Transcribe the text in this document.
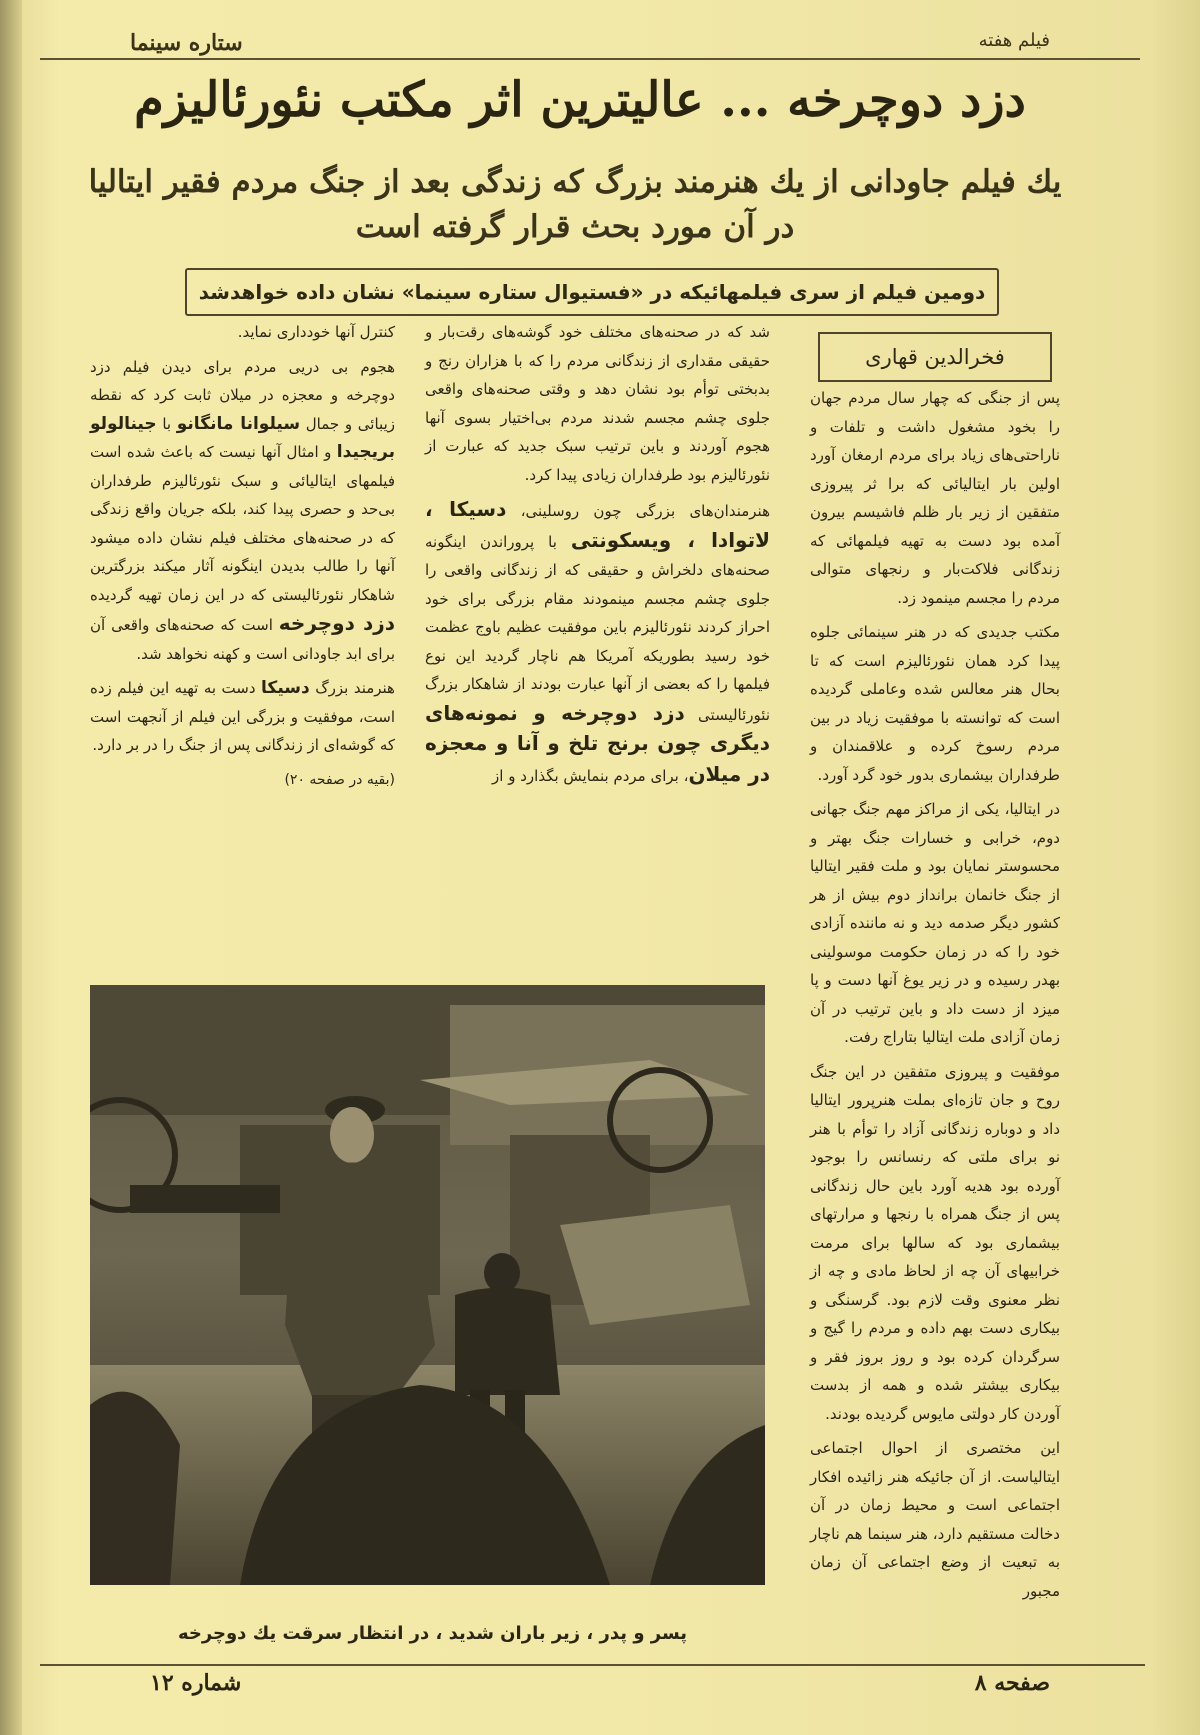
ستاره سینما	فیلم هفته
دزد دوچرخه ... عالیترین اثر مکتب نئورئالیزم
یك فیلم جاودانی از یك هنرمند بزرگ که زندگی بعد از جنگ مردم فقیر ایتالیا در آن مورد بحث قرار گرفته است
دومین فیلم از سری فیلمهائیکه در «فستیوال ستاره سینما» نشان داده خواهدشد
فخرالدین قهاری

پس از جنگی که چهار سال مردم جهان را بخود مشغول داشت و تلفات و ناراحتی‌های زیاد برای مردم ارمغان آورد اولین بار ایتالیائی که برا ثر پیروزی متفقین از زیر بار ظلم فاشیسم بیرون آمده بود دست به تهیه فیلمهائی که زندگانی فلاکت‌بار و رنجهای متوالی مردم را مجسم مینمود زد.

مکتب جدیدی که در هنر سینمائی جلوه پیدا کرد همان نئورئالیزم است که تا بحال هنر معالس شده وعاملی گردیده است که توانسته با موفقیت زیاد در بین مردم رسوخ کرده و علاقمندان و طرفداران بیشماری بدور خود گرد آورد.

در ایتالیا، یکی از مراکز مهم جنگ جهانی دوم، خرابی و خسارات جنگ بهتر و محسوستر نمایان بود و ملت فقیر ایتالیا از جنگ خانمان برانداز دوم بیش از هر کشور دیگر صدمه دید و نه ماننده آزادی خود را که در زمان حکومت موسولینی بهدر رسیده و در زیر یوغ آنها دست و پا میزد از دست داد و باین ترتیب در آن زمان آزادی ملت ایتالیا بتاراج رفت.

موفقیت و پیروزی متفقین در این جنگ روح و جان تازه‌ای بملت هنرپرور ایتالیا داد و دوباره زندگانی آزاد را توأم با هنر نو برای ملتی که رنسانس را بوجود آورده بود هدیه آورد باین حال زندگانی پس از جنگ همراه با رنجها و مرارتهای بیشماری بود که سالها برای مرمت خرابیهای آن چه از لحاظ مادی و چه از نظر معنوی وقت لازم بود. گرسنگی و بیکاری دست بهم داده و مردم را گیج و سرگردان کرده بود و روز بروز فقر و بیکاری بیشتر شده و همه از بدست آوردن کار دولتی مایوس گردیده بودند.

این مختصری از احوال اجتماعی ایتالیاست. از آن جائیکه هنر زائیده افکار اجتماعی است و محیط زمان در آن دخالت مستقیم دارد، هنر سینما هم ناچار به تبعیت از وضع اجتماعی آن زمان مجبور

شد که در صحنه‌های مختلف خود گوشه‌های رقت‌بار و حقیقی مقداری از زندگانی مردم را که با هزاران رنج و بدبختی توأم بود نشان دهد و وقتی صحنه‌های واقعی جلوی چشم مجسم شدند مردم بی‌اختیار بسوی آنها هجوم آوردند و باین ترتیب سبک جدید که عبارت از نئورئالیزم بود طرفداران زیادی پیدا کرد.

هنرمندان‌های بزرگی چون روسلینی، دسیکا ، لاتوادا ، ویسکونتی با پروراندن اینگونه صحنه‌های دلخراش و حقیقی که از زندگانی واقعی را جلوی چشم مجسم مینمودند مقام بزرگی برای خود احراز کردند نئورئالیزم باین موفقیت عظیم باوج عظمت خود رسید بطوریکه آمریکا هم ناچار گردید این نوع فیلمها را که بعضی از آنها عبارت بودند از شاهکار بزرگ نئورئالیستی دزد دوچرخه و نمونه‌های دیگری چون برنج تلخ و آنا و معجزه در میلان، برای مردم بنمایش بگذارد و از

کنترل آنها خودداری نماید.

هجوم بی دریی مردم برای دیدن فیلم دزد دوچرخه و معجزه در میلان ثابت کرد که نقطه زیبائی و جمال سیلوانا مانگانو با جینالولو بریجیدا و امثال آنها نیست که باعث شده است فیلمهای ایتالیائی و سبک نئورئالیزم طرفداران بی‌حد و حصری پیدا کند، بلکه جریان واقع زندگی که در صحنه‌های مختلف فیلم نشان داده میشود آنها را طالب بدیدن اینگونه آثار میکند بزرگترین شاهکار نئورئالیستی که در این زمان تهیه گردیده دزد دوچرخه است که صحنه‌های واقعی آن برای ابد جاودانی است و کهنه نخواهد شد.

هنرمند بزرگ دسیکا دست به تهیه این فیلم زده است، موفقیت و بزرگی این فیلم از آنجهت است که گوشه‌ای از زندگانی پس از جنگ را در بر دارد.

(بقیه در صفحه ۲۰)

پسر و پدر ، زیر باران شدید ، در انتظار سرقت یك دوچرخه
شماره ۱۲	صفحه ۸
